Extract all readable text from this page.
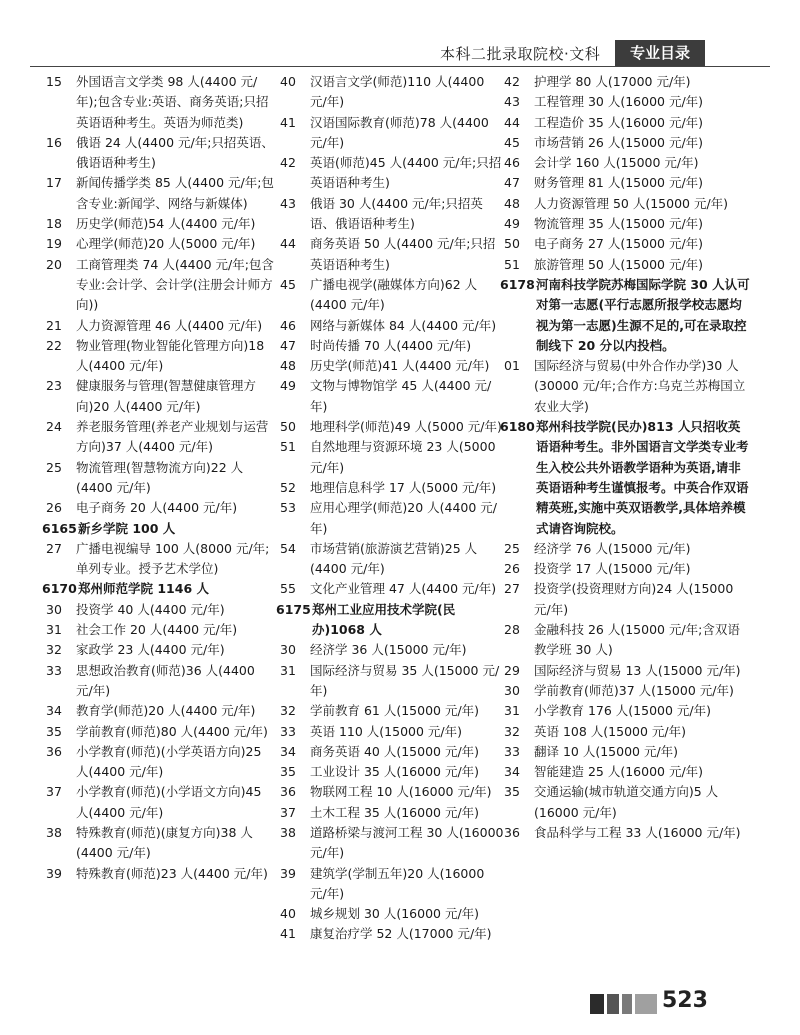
本科二批录取院校·文科	专业目录
15	外国语言文学类 98 人(4400 元/年);包含专业:英语、商务英语;只招英语语种考生。英语为师范类)
16	俄语 24 人(4400 元/年;只招英语、俄语语种考生)
17	新闻传播学类 85 人(4400 元/年;包含专业:新闻学、网络与新媒体)
18	历史学(师范)54 人(4400 元/年)
19	心理学(师范)20 人(5000 元/年)
20	工商管理类 74 人(4400 元/年;包含专业:会计学、会计学(注册会计师方向))
21	人力资源管理 46 人(4400 元/年)
22	物业管理(物业智能化管理方向)18 人(4400 元/年)
23	健康服务与管理(智慧健康管理方向)20 人(4400 元/年)
24	养老服务管理(养老产业规划与运营方向)37 人(4400 元/年)
25	物流管理(智慧物流方向)22 人(4400 元/年)
26	电子商务 20 人(4400 元/年)
6165 新乡学院 100 人
27	广播电视编导 100 人(8000 元/年;单列专业。授予艺术学位)
6170 郑州师范学院 1146 人
30	投资学 40 人(4400 元/年)
31	社会工作 20 人(4400 元/年)
32	家政学 23 人(4400 元/年)
33	思想政治教育(师范)36 人(4400 元/年)
34	教育学(师范)20 人(4400 元/年)
35	学前教育(师范)80 人(4400 元/年)
36	小学教育(师范)(小学英语方向)25 人(4400 元/年)
37	小学教育(师范)(小学语文方向)45 人(4400 元/年)
38	特殊教育(师范)(康复方向)38 人(4400 元/年)
39	特殊教育(师范)23 人(4400 元/年)
40	汉语言文学(师范)110 人(4400 元/年)
41	汉语国际教育(师范)78 人(4400 元/年)
42	英语(师范)45 人(4400 元/年;只招英语语种考生)
43	俄语 30 人(4400 元/年;只招英语、俄语语种考生)
44	商务英语 50 人(4400 元/年;只招英语语种考生)
45	广播电视学(融媒体方向)62 人(4400 元/年)
46	网络与新媒体 84 人(4400 元/年)
47	时尚传播 70 人(4400 元/年)
48	历史学(师范)41 人(4400 元/年)
49	文物与博物馆学 45 人(4400 元/年)
50	地理科学(师范)49 人(5000 元/年)
51	自然地理与资源环境 23 人(5000 元/年)
52	地理信息科学 17 人(5000 元/年)
53	应用心理学(师范)20 人(4400 元/年)
54	市场营销(旅游演艺营销)25 人(4400 元/年)
55	文化产业管理 47 人(4400 元/年)
6175 郑州工业应用技术学院(民办)1068 人
30	经济学 36 人(15000 元/年)
31	国际经济与贸易 35 人(15000 元/年)
32	学前教育 61 人(15000 元/年)
33	英语 110 人(15000 元/年)
34	商务英语 40 人(15000 元/年)
35	工业设计 35 人(16000 元/年)
36	物联网工程 10 人(16000 元/年)
37	土木工程 35 人(16000 元/年)
38	道路桥梁与渡河工程 30 人(16000 元/年)
39	建筑学(学制五年)20 人(16000 元/年)
40	城乡规划 30 人(16000 元/年)
41	康复治疗学 52 人(17000 元/年)
42	护理学 80 人(17000 元/年)
43	工程管理 30 人(16000 元/年)
44	工程造价 35 人(16000 元/年)
45	市场营销 26 人(15000 元/年)
46	会计学 160 人(15000 元/年)
47	财务管理 81 人(15000 元/年)
48	人力资源管理 50 人(15000 元/年)
49	物流管理 35 人(15000 元/年)
50	电子商务 27 人(15000 元/年)
51	旅游管理 50 人(15000 元/年)
6178 河南科技学院苏梅国际学院 30 人认可对第一志愿(平行志愿所报学校志愿均视为第一志愿)生源不足的,可在录取控制线下 20 分以内投档。
01	国际经济与贸易(中外合作办学)30 人(30000 元/年;合作方:乌克兰苏梅国立农业大学)
6180 郑州科技学院(民办)813 人只招收英语语种考生。非外国语言文学类专业考生入校公共外语教学语种为英语,请非英语语种考生谨慎报考。中英合作双语精英班,实施中英双语教学,具体培养模式请咨询院校。
25	经济学 76 人(15000 元/年)
26	投资学 17 人(15000 元/年)
27	投资学(投资理财方向)24 人(15000 元/年)
28	金融科技 26 人(15000 元/年;含双语教学班 30 人)
29	国际经济与贸易 13 人(15000 元/年)
30	学前教育(师范)37 人(15000 元/年)
31	小学教育 176 人(15000 元/年)
32	英语 108 人(15000 元/年)
33	翻译 10 人(15000 元/年)
34	智能建造 25 人(16000 元/年)
35	交通运输(城市轨道交通方向)5 人(16000 元/年)
36	食品科学与工程 33 人(16000 元/年)
523
